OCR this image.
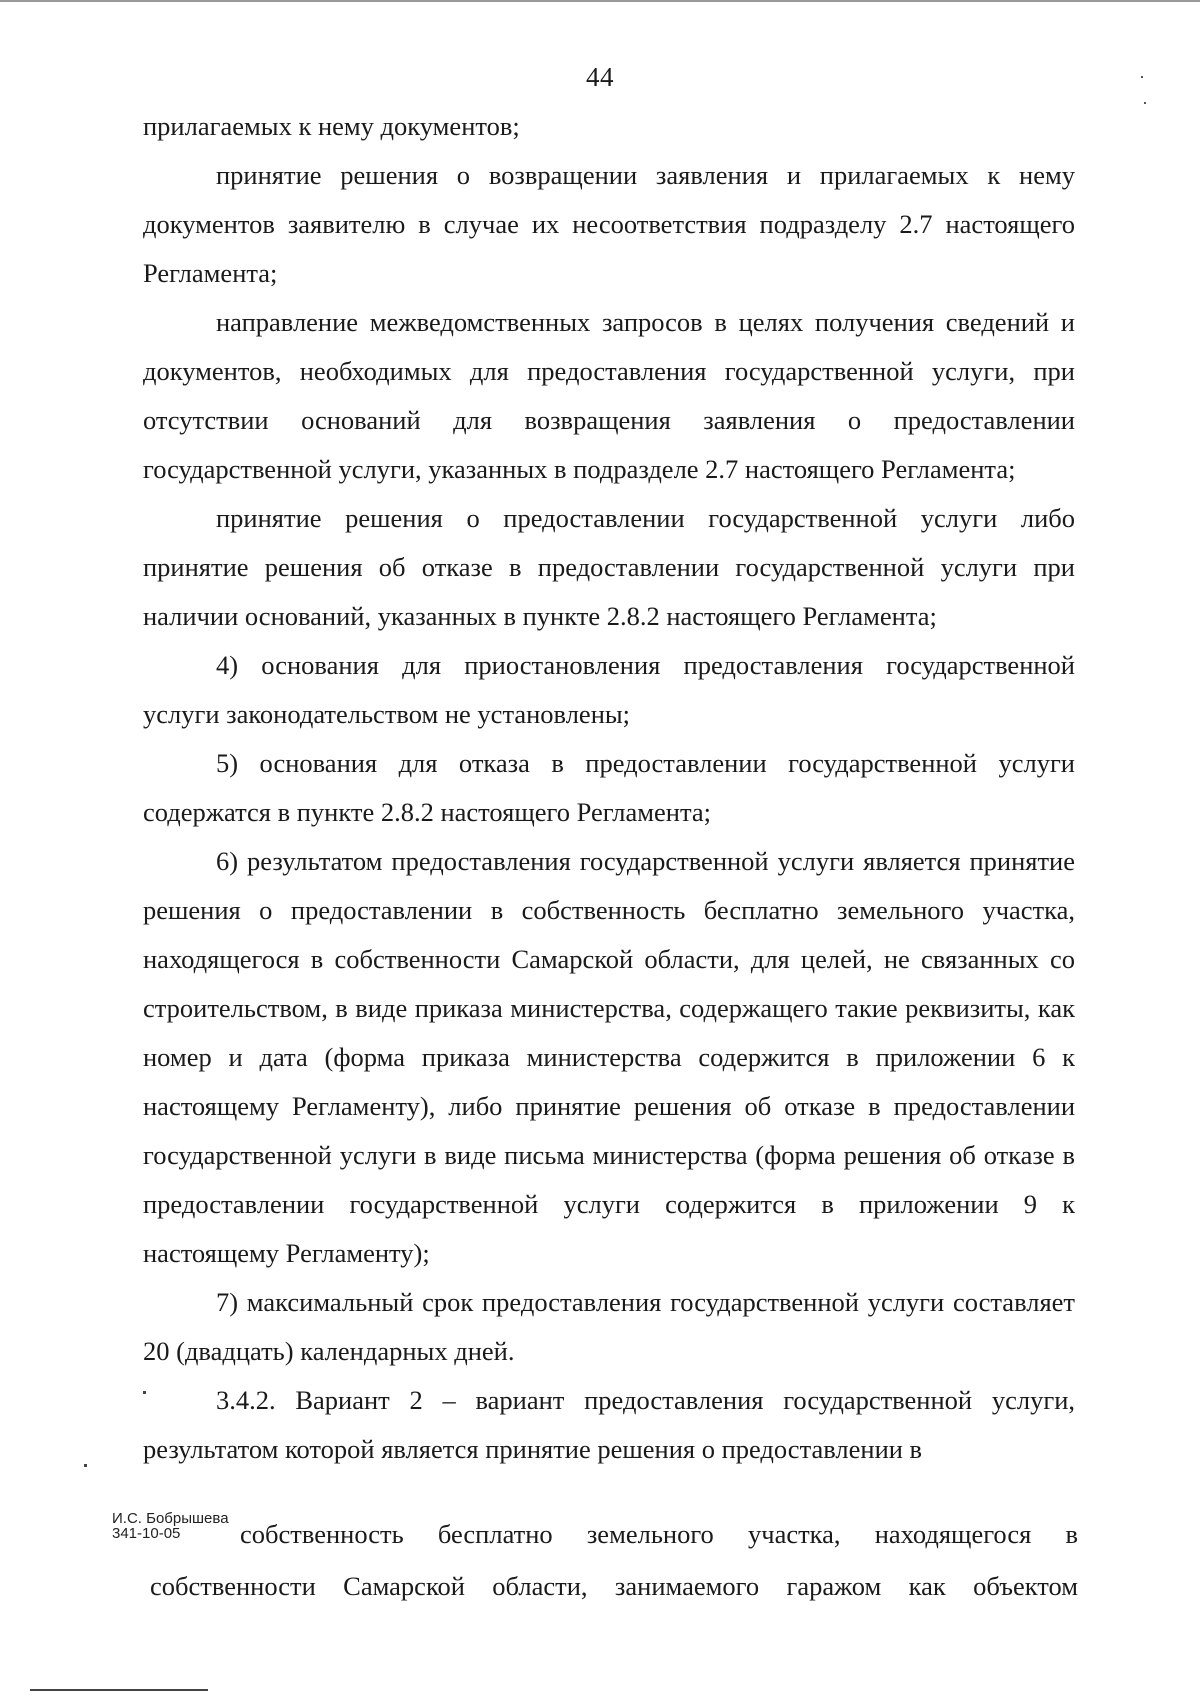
44

прилагаемых к нему документов;

принятие решения о возвращении заявления и прилагаемых к нему документов заявителю в случае их несоответствия подразделу 2.7 настоящего Регламента;

направление межведомственных запросов в целях получения сведений и документов, необходимых для предоставления государственной услуги, при отсутствии оснований для возвращения заявления о предоставлении государственной услуги, указанных в подразделе 2.7 настоящего Регламента;

принятие решения о предоставлении государственной услуги либо принятие решения об отказе в предоставлении государственной услуги при наличии оснований, указанных в пункте 2.8.2 настоящего Регламента;

4) основания для приостановления предоставления государственной услуги законодательством не установлены;

5) основания для отказа в предоставлении государственной услуги содержатся в пункте 2.8.2 настоящего Регламента;

6) результатом предоставления государственной услуги является принятие решения о предоставлении в собственность бесплатно земельного участка, находящегося в собственности Самарской области, для целей, не связанных со строительством, в виде приказа министерства, содержащего такие реквизиты, как номер и дата (форма приказа министерства содержится в приложении 6 к настоящему Регламенту), либо принятие решения об отказе в предоставлении государственной услуги в виде письма министерства (форма решения об отказе в предоставлении государственной услуги содержится в приложении 9 к настоящему Регламенту);

7) максимальный срок предоставления государственной услуги составляет 20 (двадцать) календарных дней.

3.4.2. Вариант 2 – вариант предоставления государственной услуги, результатом которой является принятие решения о предоставлении в

собственность бесплатно земельного участка, находящегося в
собственности Самарской области, занимаемого гаражом как объектом
И.С. Бобрышева
341-10-05
